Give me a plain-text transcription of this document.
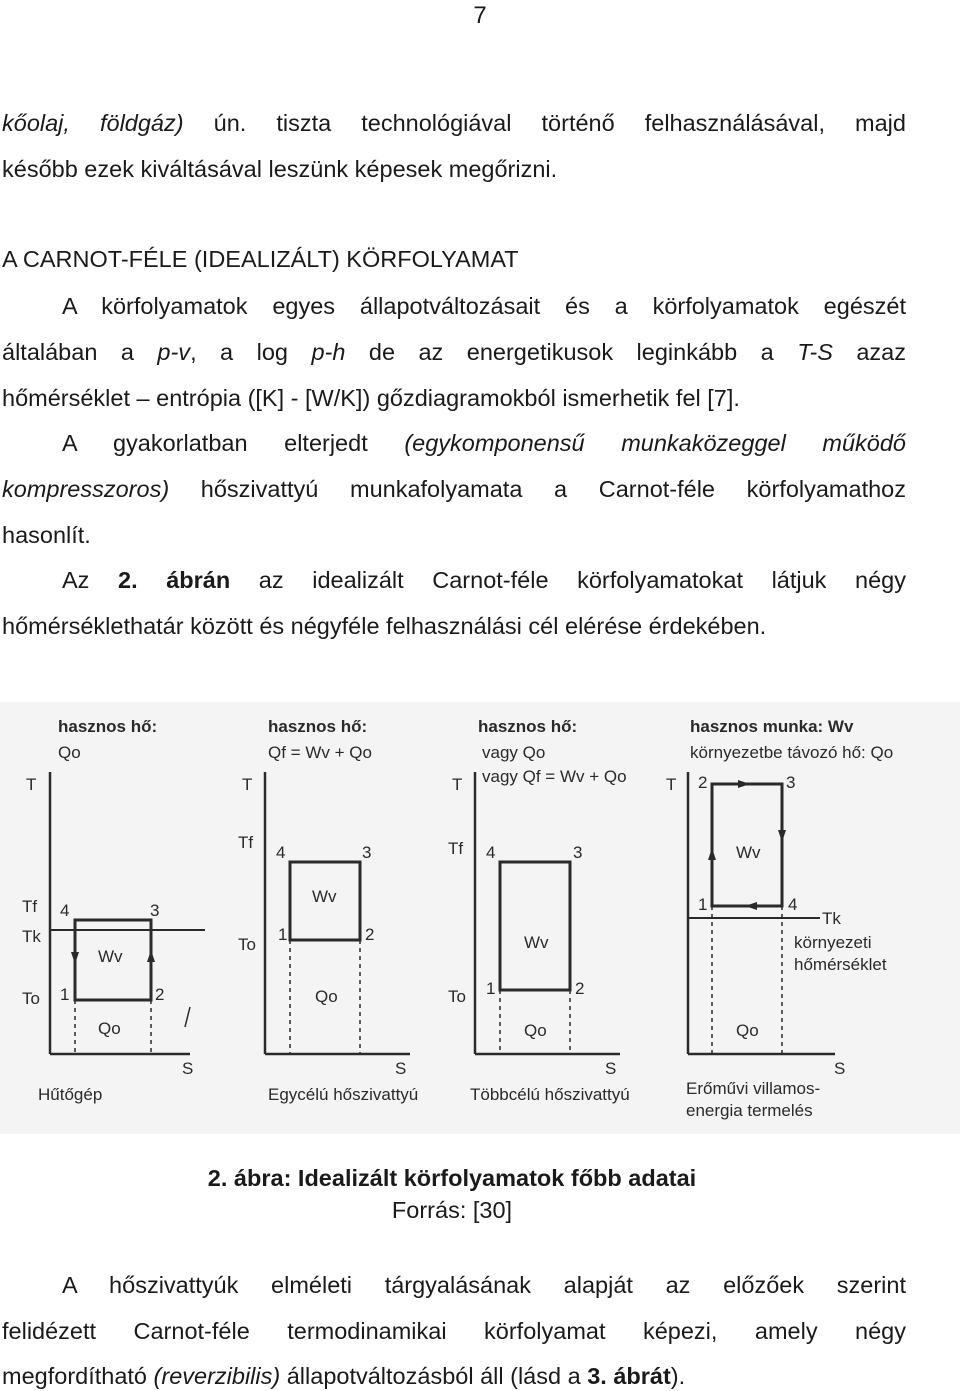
7
kőolaj, földgáz) ún. tiszta technológiával történő felhasználásával, majd
később ezek kiváltásával leszünk képesek megőrizni.
A CARNOT-FÉLE (IDEALIZÁLT) KÖRFOLYAMAT
A körfolyamatok egyes állapotváltozásait és a körfolyamatok egészét
általában a p-v, a log p-h de az energetikusok leginkább a T-S azaz
hőmérséklet – entrópia ([K] - [W/K]) gőzdiagramokból ismerhetik fel [7].
A gyakorlatban elterjedt (egykomponensű munkaközeggel működő
kompresszoros) hőszivattyú munkafolyamata a Carnot-féle körfolyamathoz
hasonlít.
Az 2. ábrán az idealizált Carnot-féle körfolyamatokat látjuk négy
hőmérséklethatár között és négyféle felhasználási cél elérése érdekében.
hasznos hő:
Qo
T
S
Tf
Tk
To 1	2
3
4
Wv
Qo
Hűtőgép
hasznos hő:
Qf = Wv + Qo
T
S
Tf
To
1	2
3
4
Wv
Qo
Egycélú hőszivattyú
hasznos hő:
vagy Qo
vagy Qf = Wv + Qo
T
S
Tf
To 1	2
3
4
Wv
Qo
Többcélú hőszivattyú
hasznos munka: Wv
környezetbe távozó hő: Qo
T
S
Tk
környezeti
hőmérséklet
1
2	3
4
Wv
Qo
Erőművi villamos-
energia termelés
2. ábra: Idealizált körfolyamatok főbb adatai
Forrás: [30]
A hőszivattyúk elméleti tárgyalásának alapját az előzőek szerint
felidézett Carnot-féle termodinamikai körfolyamat képezi, amely négy
megfordítható (reverzibilis) állapotváltozásból áll (lásd a 3. ábrát).
